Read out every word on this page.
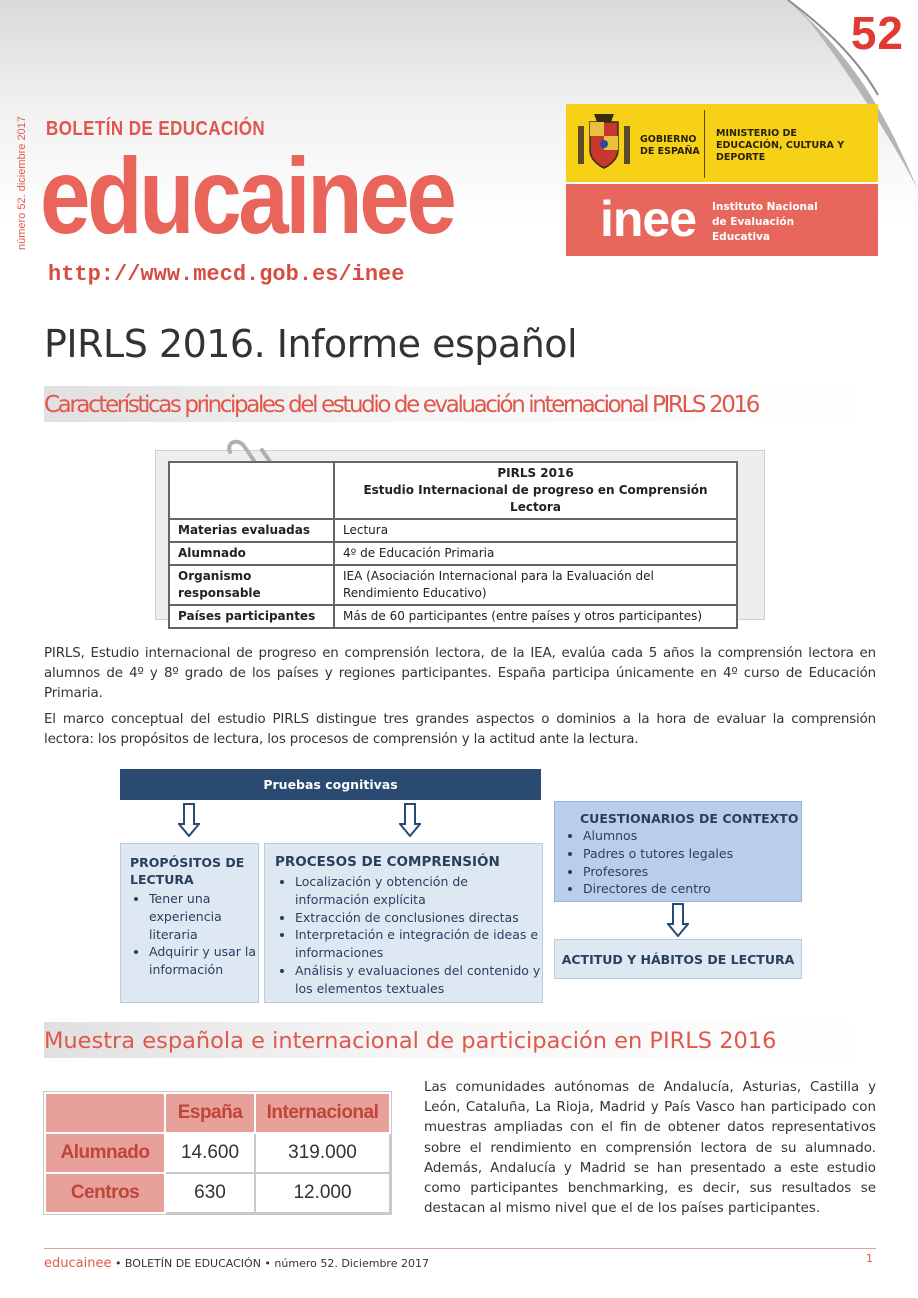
52
número 52. diciembre 2017 BOLETÍN DE EDUCACIÓN
educainee
http://www.mecd.gob.es/inee
GOBIERNO DE ESPAÑA
MINISTERIO DE EDUCACIÓN, CULTURA Y DEPORTE
inee Instituto Nacional de Evaluación Educativa
PIRLS 2016. Informe español
Características principales del estudio de evaluación internacional PIRLS 2016

	PIRLS 2016
Estudio Internacional de progreso en Comprensión Lectora

Materias evaluadas	Lectura
Alumnado	4º de Educación Primaria
Organismo responsable	IEA (Asociación Internacional para la Evaluación del Rendimiento Educativo)
Países participantes	Más de 60 participantes (entre países y otros participantes)
PIRLS, Estudio internacional de progreso en comprensión lectora, de la IEA, evalúa cada 5 años la comprensión lectora en alumnos de 4º y 8º grado de los países y regiones participantes. España participa únicamente en 4º curso de Educación Primaria.
El marco conceptual del estudio PIRLS distingue tres grandes aspectos o dominios a la hora de evaluar la comprensión lectora: los propósitos de lectura, los procesos de comprensión y la actitud ante la lectura.
Pruebas cognitivas
PROPÓSITOS DE LECTURA
• Tener una experiencia literaria
• Adquirir y usar la información
PROCESOS DE COMPRENSIÓN
• Localización y obtención de información explícita
• Extracción de conclusiones directas
• Interpretación e integración de ideas e informaciones
• Análisis y evaluaciones del contenido y los elementos textuales
CUESTIONARIOS DE CONTEXTO
• Alumnos
• Padres o tutores legales
• Profesores
• Directores de centro
ACTITUD Y HÁBITOS DE LECTURA
Muestra española e internacional de participación en PIRLS 2016
	España	Internacional
Alumnado	14.600	319.000
Centros	630	12.000
Las comunidades autónomas de Andalucía, Asturias, Castilla y León, Cataluña, La Rioja, Madrid y País Vasco han participado con muestras ampliadas con el fin de obtener datos representativos sobre el rendimiento en comprensión lectora de su alumnado. Además, Andalucía y Madrid se han presentado a este estudio como participantes benchmarking, es decir, sus resultados se destacan al mismo nivel que el de los países participantes.
educainee • BOLETÍN DE EDUCACIÓN • número 52. Diciembre 2017	1
